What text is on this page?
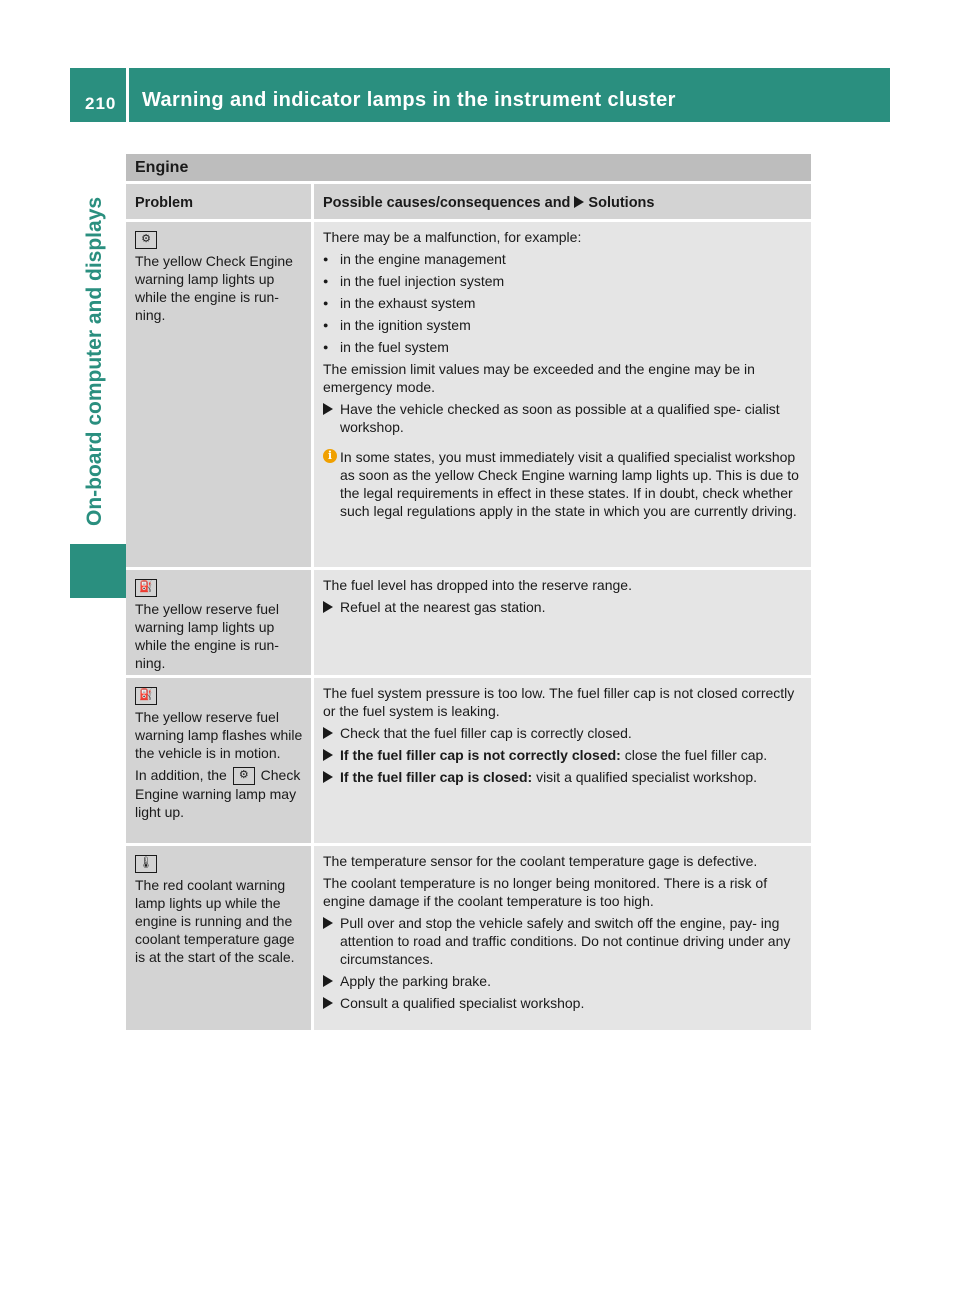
210 Warning and indicator lamps in the instrument cluster
On-board computer and displays
Engine
Problem	Possible causes/consequences and Solutions
⚙
The yellow Check Engine warning lamp lights up while the engine is run- ning.

There may be a malfunction, for example:

● in the engine management
● in the fuel injection system
● in the exhaust system
● in the ignition system
● in the fuel system

The emission limit values may be exceeded and the engine may be in emergency mode.

Have the vehicle checked as soon as possible at a qualified spe- cialist workshop.
i In some states, you must immediately visit a qualified specialist workshop as soon as the yellow Check Engine warning lamp lights up. This is due to the legal requirements in effect in these states. If in doubt, check whether such legal regulations apply in the state in which you are currently driving.
⛽
The yellow reserve fuel warning lamp lights up while the engine is run- ning.

The fuel level has dropped into the reserve range.

Refuel at the nearest gas station.
⛽

The yellow reserve fuel warning lamp flashes while the vehicle is in motion.

In addition, the ⚙ Check Engine warning lamp may light up.

The fuel system pressure is too low. The fuel filler cap is not closed correctly or the fuel system is leaking.

Check that the fuel filler cap is correctly closed.
If the fuel filler cap is not correctly closed: close the fuel filler cap.
If the fuel filler cap is closed: visit a qualified specialist workshop.
🌡
The red coolant warning lamp lights up while the engine is running and the coolant temperature gage is at the start of the scale.

The temperature sensor for the coolant temperature gage is defective.

The coolant temperature is no longer being monitored. There is a risk of engine damage if the coolant temperature is too high.

Pull over and stop the vehicle safely and switch off the engine, pay- ing attention to road and traffic conditions. Do not continue driving under any circumstances.
Apply the parking brake.
Consult a qualified specialist workshop.
